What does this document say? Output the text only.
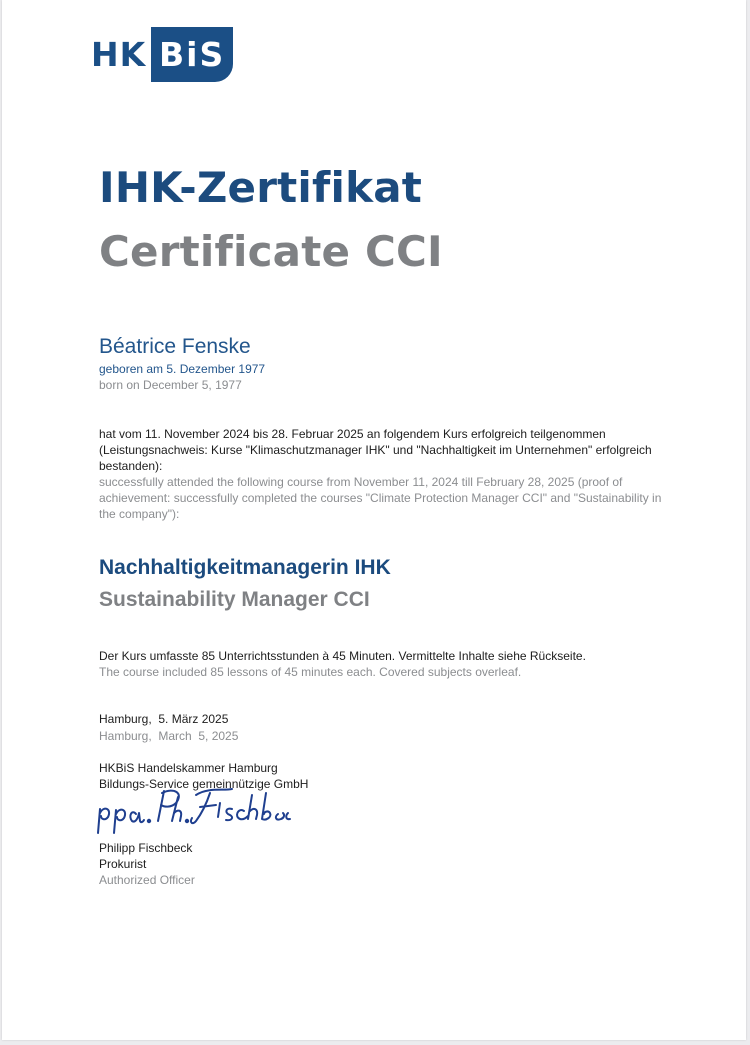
HK BiS
IHK-Zertifikat
Certificate CCI
Béatrice Fenske
geboren am 5. Dezember 1977
born on December 5, 1977
hat vom 11. November 2024 bis 28. Februar 2025 an folgendem Kurs erfolgreich teilgenommen (Leistungsnachweis: Kurse "Klimaschutzmanager IHK" und "Nachhaltigkeit im Unternehmen" erfolgreich bestanden):
successfully attended the following course from November 11, 2024 till February 28, 2025 (proof of achievement: successfully completed the courses "Climate Protection Manager CCI" and "Sustainability in the company"):
Nachhaltigkeitmanagerin IHK
Sustainability Manager CCI
Der Kurs umfasste 85 Unterrichtsstunden à 45 Minuten. Vermittelte Inhalte siehe Rückseite.
The course included 85 lessons of 45 minutes each. Covered subjects overleaf.
Hamburg,  5. März 2025
Hamburg,  March  5, 2025
HKBiS Handelskammer Hamburg
Bildungs-Service gemeinnützige GmbH
Philipp Fischbeck
Prokurist
Authorized Officer
